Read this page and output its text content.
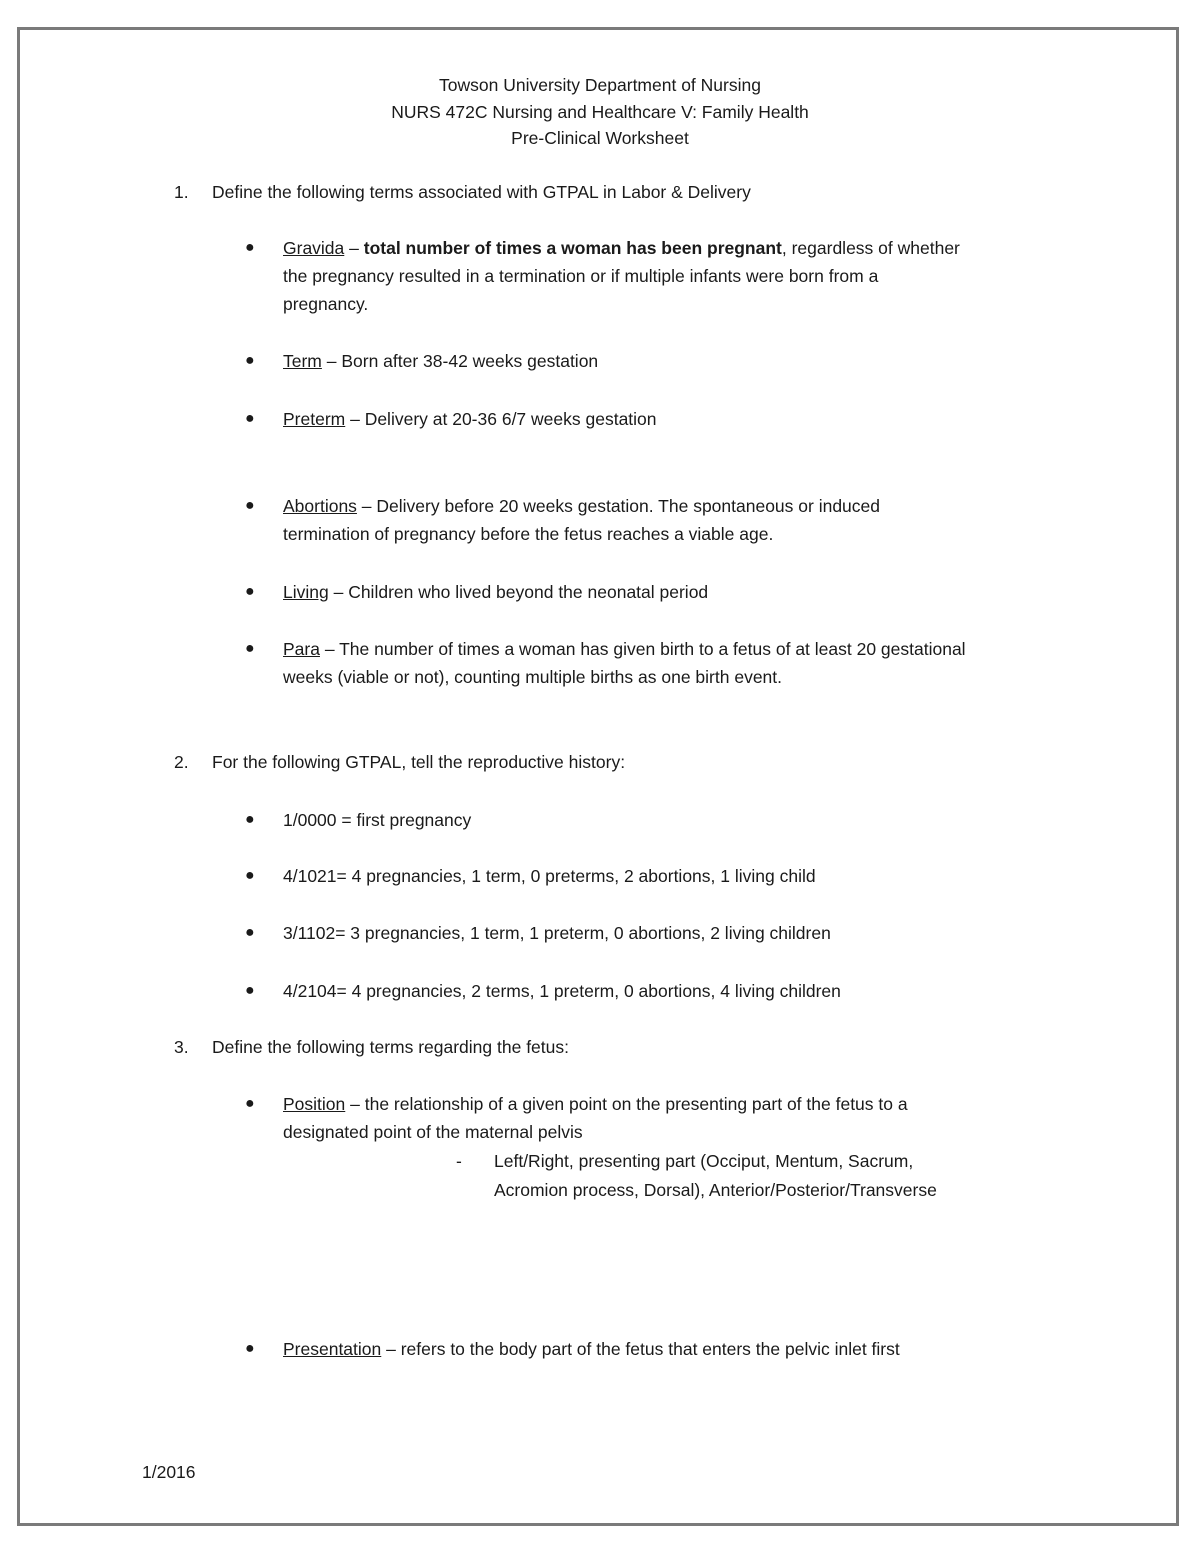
Towson University Department of Nursing
NURS 472C Nursing and Healthcare V: Family Health
Pre-Clinical Worksheet
1.	Define the following terms associated with GTPAL in Labor & Delivery
● Gravida – total number of times a woman has been pregnant, regardless of whether
the pregnancy resulted in a termination or if multiple infants were born from a
pregnancy.
● Term – Born after 38-42 weeks gestation
● Preterm – Delivery at 20-36 6/7 weeks gestation
● Abortions – Delivery before 20 weeks gestation. The spontaneous or induced
termination of pregnancy before the fetus reaches a viable age.
● Living – Children who lived beyond the neonatal period
● Para – The number of times a woman has given birth to a fetus of at least 20 gestational
weeks (viable or not), counting multiple births as one birth event.
2.	For the following GTPAL, tell the reproductive history:
● 1/0000 = first pregnancy
● 4/1021= 4 pregnancies, 1 term, 0 preterms, 2 abortions, 1 living child
● 3/1102= 3 pregnancies, 1 term, 1 preterm, 0 abortions, 2 living children
● 4/2104= 4 pregnancies, 2 terms, 1 preterm, 0 abortions, 4 living children
3.	Define the following terms regarding the fetus:
● Position – the relationship of a given point on the presenting part of the fetus to a
designated point of the maternal pelvis
- Left/Right, presenting part (Occiput, Mentum, Sacrum,
Acromion process, Dorsal), Anterior/Posterior/Transverse
● Presentation – refers to the body part of the fetus that enters the pelvic inlet first
1/2016
